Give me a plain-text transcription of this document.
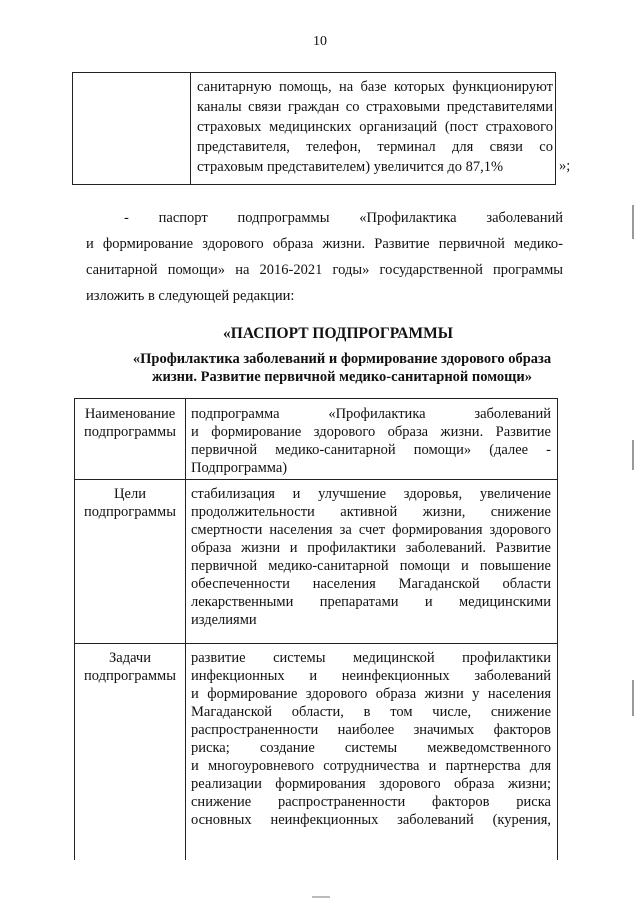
10
санитарную помощь, на базе которых функционируют
каналы связи граждан со страховыми представителями
страховых медицинских организаций (пост страхового
представителя, телефон, терминал для связи со
страховым представителем) увеличится до 87,1%	»;
- паспорт подпрограммы «Профилактика заболеваний
и формирование здорового образа жизни. Развитие первичной медико-
санитарной помощи» на 2016-2021 годы» государственной программы
изложить в следующей редакции:
«ПАСПОРТ ПОДПРОГРАММЫ
«Профилактика заболеваний и формирование здорового образа
жизни. Развитие первичной медико-санитарной помощи»
Наименование
подпрограммы
подпрограмма «Профилактика заболеваний
и формирование здорового образа жизни. Развитие
первичной медико-санитарной помощи» (далее -
Подпрограмма)
Цели
подпрограммы
стабилизация и улучшение здоровья, увеличение
продолжительности активной жизни, снижение
смертности населения за счет формирования здорового
образа жизни и профилактики заболеваний. Развитие
первичной медико-санитарной помощи и повышение
обеспеченности населения Магаданской области
лекарственными препаратами и медицинскими
изделиями
Задачи
подпрограммы
развитие системы медицинской профилактики
инфекционных и неинфекционных заболеваний
и формирование здорового образа жизни у населения
Магаданской области, в том числе, снижение
распространенности наиболее значимых факторов
риска; создание системы межведомственного
и многоуровневого сотрудничества и партнерства для
реализации формирования здорового образа жизни;
снижение распространенности факторов риска
основных неинфекционных заболеваний (курения,
